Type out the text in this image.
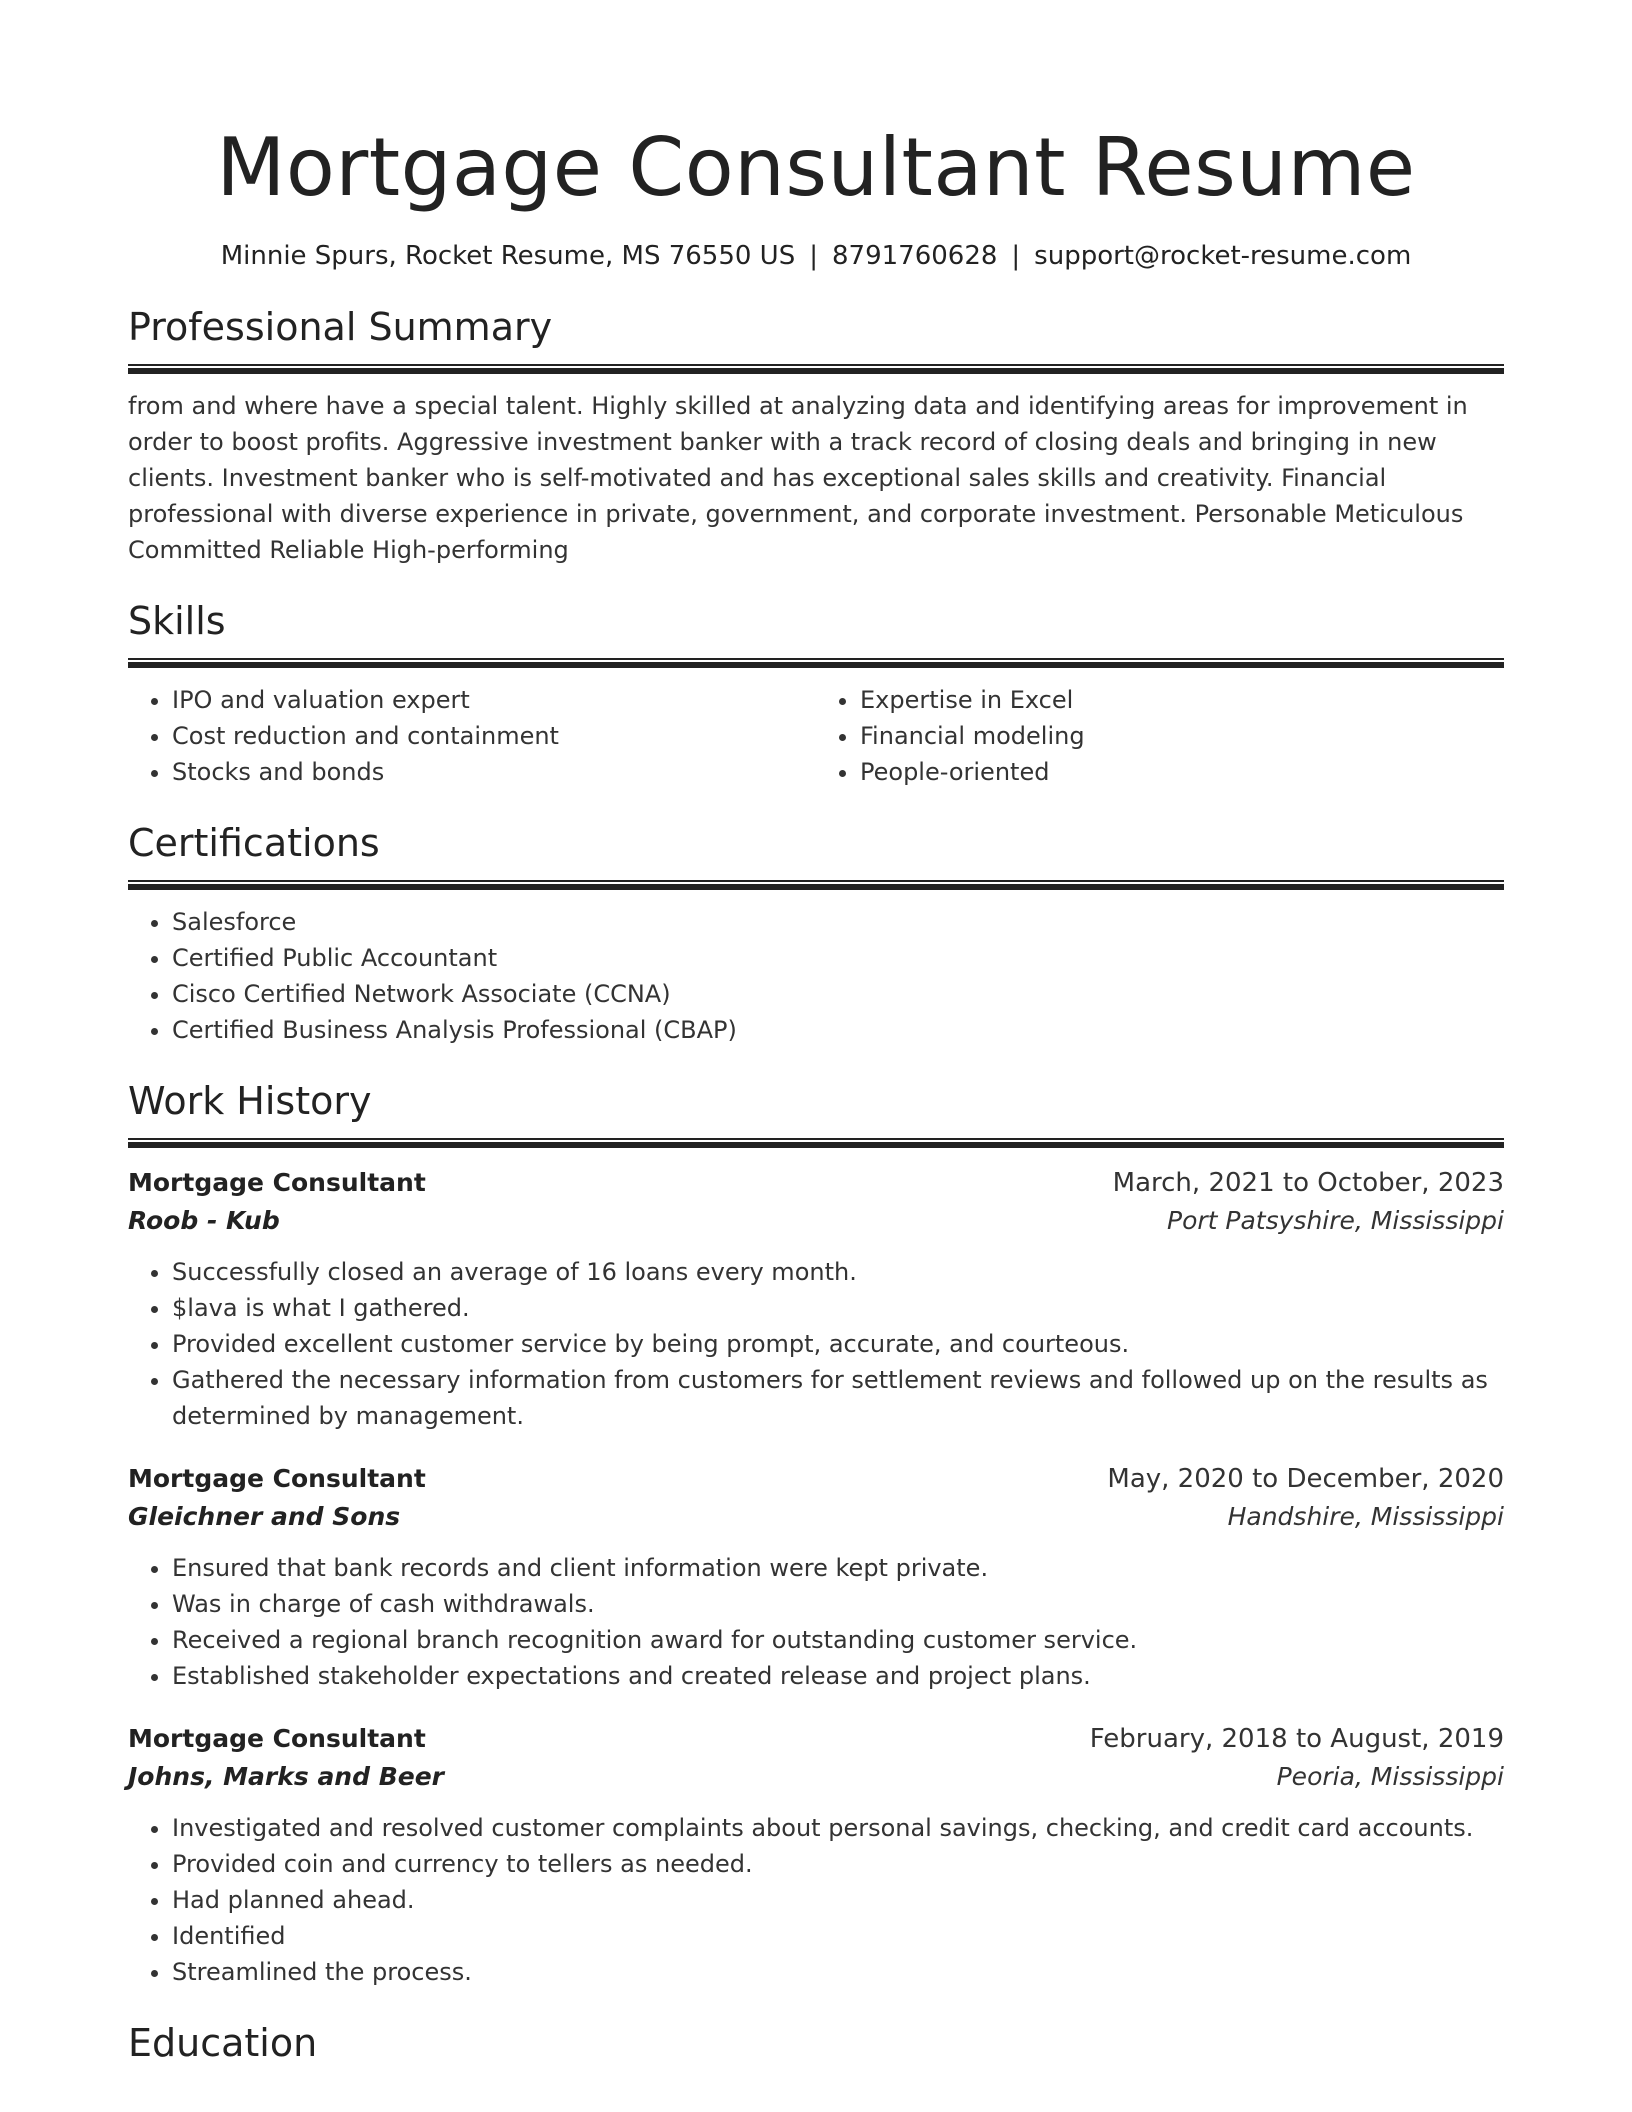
Mortgage Consultant Resume
Minnie Spurs, Rocket Resume, MS 76550 US | 8791760628 | support@rocket-resume.com
Professional Summary

from and where have a special talent. Highly skilled at analyzing data and identifying areas for improvement in order to boost profits. Aggressive investment banker with a track record of closing deals and bringing in new clients. Investment banker who is self-motivated and has exceptional sales skills and creativity. Financial professional with diverse experience in private, government, and corporate investment. Personable Meticulous Committed Reliable High-performing

Skills
• IPO and valuation expert
• Cost reduction and containment
• Stocks and bonds
• Expertise in Excel
• Financial modeling
• People-oriented
Certifications
• Salesforce
• Certified Public Accountant
• Cisco Certified Network Associate (CCNA)
• Certified Business Analysis Professional (CBAP)
Work History
Mortgage Consultant	March, 2021 to October, 2023
Roob - Kub	Port Patsyshire, Mississippi
• Successfully closed an average of 16 loans every month.
• $lava is what I gathered.
• Provided excellent customer service by being prompt, accurate, and courteous.
• Gathered the necessary information from customers for settlement reviews and followed up on the results as determined by management.
Mortgage Consultant	May, 2020 to December, 2020
Gleichner and Sons	Handshire, Mississippi
• Ensured that bank records and client information were kept private.
• Was in charge of cash withdrawals.
• Received a regional branch recognition award for outstanding customer service.
• Established stakeholder expectations and created release and project plans.
Mortgage Consultant	February, 2018 to August, 2019
Johns, Marks and Beer	Peoria, Mississippi
• Investigated and resolved customer complaints about personal savings, checking, and credit card accounts.
• Provided coin and currency to tellers as needed.
• Had planned ahead.
• Identified
• Streamlined the process.
Education
